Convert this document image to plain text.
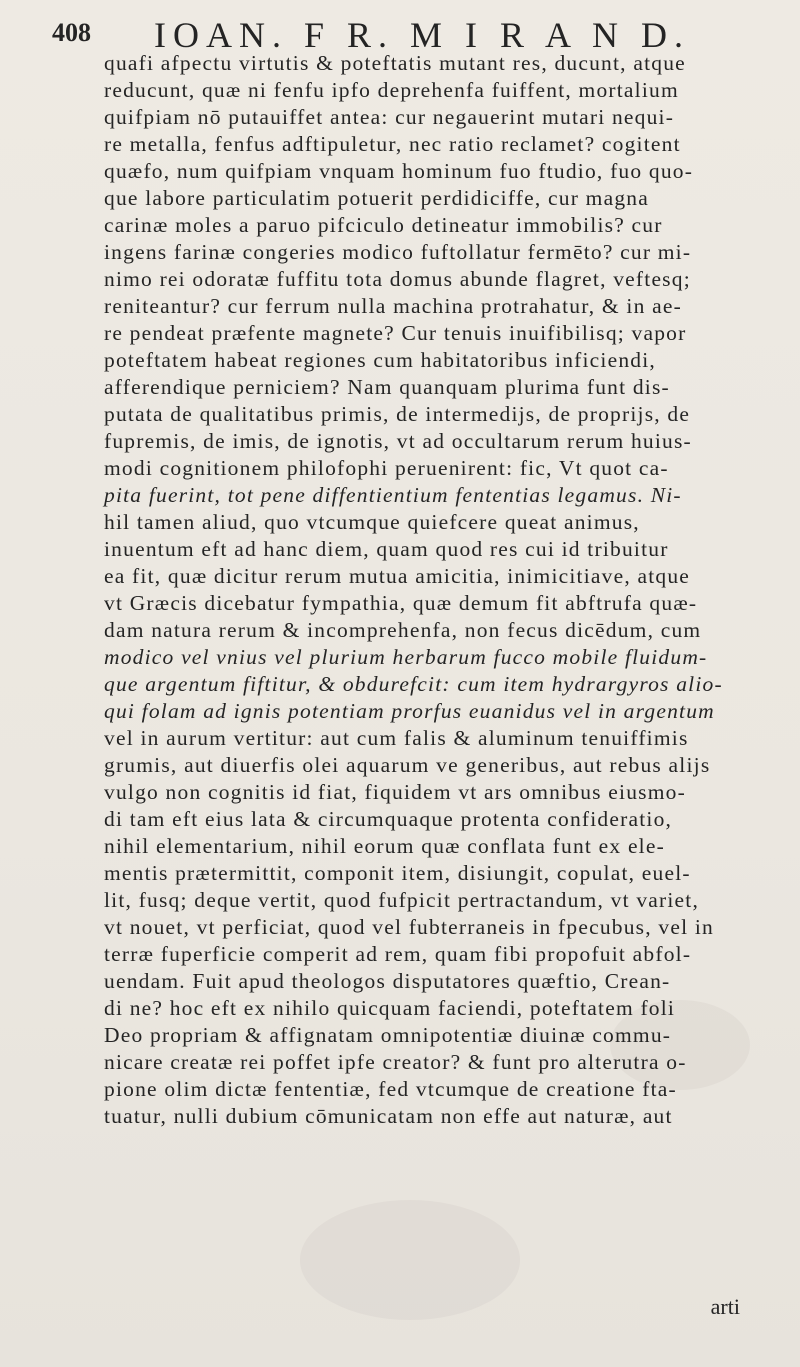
408	IOAN. F R. M I R A N D.
quafi afpectu virtutis & poteftatis mutant res, ducunt, atque
reducunt, quæ ni fenfu ipfo deprehenfa fuiffent, mortalium
quifpiam nō putauiffet antea: cur negauerint mutari nequi-
re metalla, fenfus adftipuletur, nec ratio reclamet? cogitent
quæfo, num quifpiam vnquam hominum fuo ftudio, fuo quo-
que labore particulatim potuerit perdidiciffe, cur magna
carinæ moles a paruo pifciculo detineatur immobilis? cur
ingens farinæ congeries modico fuftollatur fermēto? cur mi-
nimo rei odoratæ fuffitu tota domus abunde flagret, veftesq;
reniteantur? cur ferrum nulla machina protrahatur, & in ae-
re pendeat præfente magnete? Cur tenuis inuifibilisq; vapor
poteftatem habeat regiones cum habitatoribus inficiendi,
afferendique perniciem? Nam quanquam plurima funt dis-
putata de qualitatibus primis, de intermedijs, de proprijs, de
fupremis, de imis, de ignotis, vt ad occultarum rerum huius-
modi cognitionem philofophi peruenirent: fic, Vt quot ca-
pita fuerint, tot pene diffentientium fententias legamus. Ni-
hil tamen aliud, quo vtcumque quiefcere queat animus,
inuentum eft ad hanc diem, quam quod res cui id tribuitur
ea fit, quæ dicitur rerum mutua amicitia, inimicitiave, atque
vt Græcis dicebatur fympathia, quæ demum fit abftrufa quæ-
dam natura rerum & incomprehenfa, non fecus dicēdum, cum
modico vel vnius vel plurium herbarum fucco mobile fluidum-
que argentum fiftitur, & obdurefcit: cum item hydrargyros alio-
qui folam ad ignis potentiam prorfus euanidus vel in argentum
vel in aurum vertitur: aut cum falis & aluminum tenuiffimis
grumis, aut diuerfis olei aquarum ve generibus, aut rebus alijs
vulgo non cognitis id fiat, fiquidem vt ars omnibus eiusmo-
di tam eft eius lata & circumquaque protenta confideratio,
nihil elementarium, nihil eorum quæ conflata funt ex ele-
mentis prætermittit, componit item, disiungit, copulat, euel-
lit, fusq; deque vertit, quod fufpicit pertractandum, vt variet,
vt nouet, vt perficiat, quod vel fubterraneis in fpecubus, vel in
terræ fuperficie comperit ad rem, quam fibi propofuit abfol-
uendam. Fuit apud theologos disputatores quæftio, Crean-
di ne? hoc eft ex nihilo quicquam faciendi, poteftatem foli
Deo propriam & affignatam omnipotentiæ diuinæ commu-
nicare creatæ rei poffet ipfe creator? & funt pro alterutra o-
pione olim dictæ fententiæ, fed vtcumque de creatione fta-
tuatur, nulli dubium cōmunicatam non effe aut naturæ, aut
arti
